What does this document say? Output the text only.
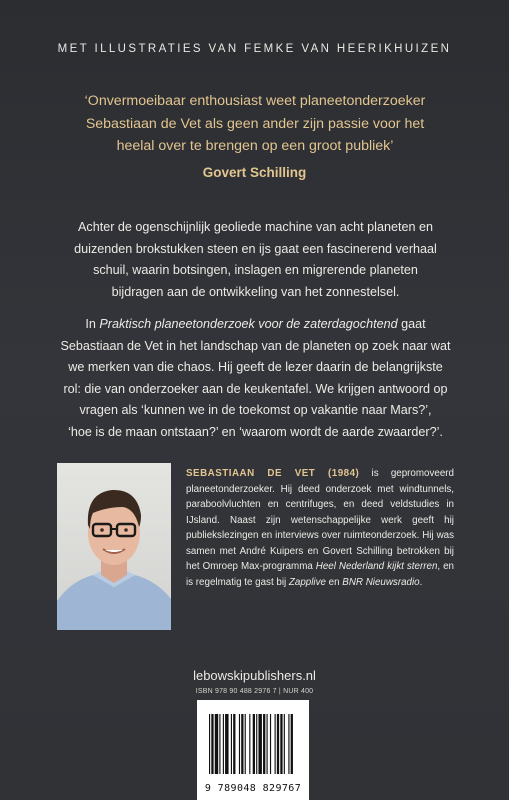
MET ILLUSTRATIES VAN FEMKE VAN HEERIKHUIZEN
‘Onvermoeibaar enthousiast weet planeetonderzoeker
Sebastiaan de Vet als geen ander zijn passie voor het
heelal over te brengen op een groot publiek’
Govert Schilling
Achter de ogenschijnlijk geoliede machine van acht planeten en
duizenden brokstukken steen en ijs gaat een fascinerend verhaal
schuil, waarin botsingen, inslagen en migrerende planeten
bijdragen aan de ontwikkeling van het zonnestelsel.
In Praktisch planeetonderzoek voor de zaterdagochtend gaat
Sebastiaan de Vet in het landschap van de planeten op zoek naar wat
we merken van die chaos. Hij geeft de lezer daarin de belangrijkste
rol: die van onderzoeker aan de keukentafel. We krijgen antwoord op
vragen als ‘kunnen we in de toekomst op vakantie naar Mars?’,
‘hoe is de maan ontstaan?’ en ‘waarom wordt de aarde zwaarder?’.
SEBASTIAAN DE VET (1984) is gepromoveerd planeetonderzoeker. Hij deed onderzoek met windtunnels, paraboolvluchten en centrifuges, en deed veldstudies in IJsland. Naast zijn wetenschappelijke werk geeft hij publiekslezingen en interviews over ruimteonderzoek. Hij was samen met André Kuipers en Govert Schilling betrokken bij het Omroep Max-programma Heel Nederland kijkt sterren, en is regelmatig te gast bij Zapplive en BNR Nieuwsradio.
lebowskipublishers.nl
ISBN 978 90 488 2976 7 | NUR 400
9 789048 829767
